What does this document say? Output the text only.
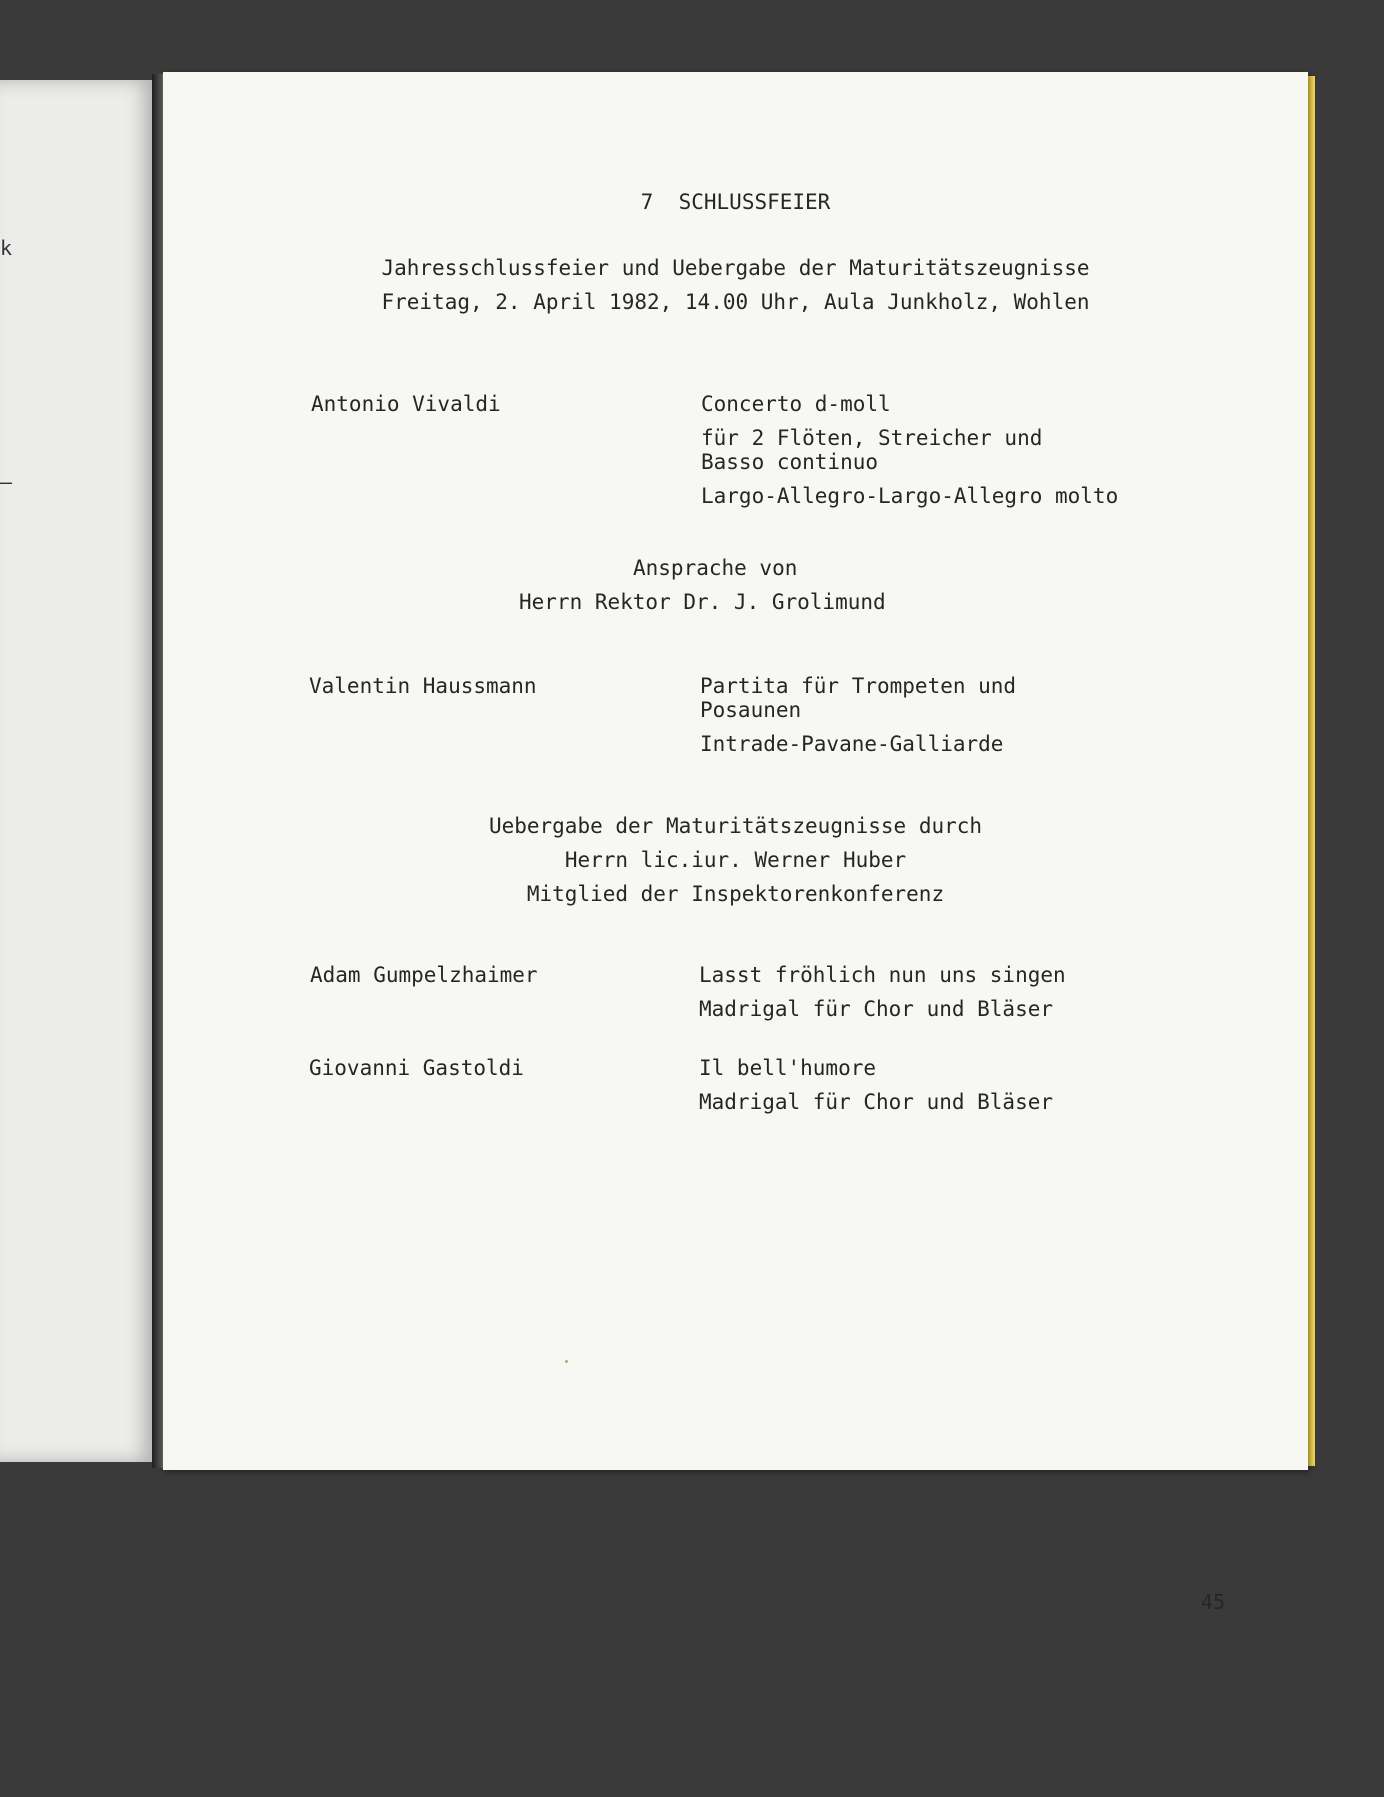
k
–
7  SCHLUSSFEIER
Jahresschlussfeier und Uebergabe der Maturitätszeugnisse
Freitag, 2. April 1982, 14.00 Uhr, Aula Junkholz, Wohlen
Antonio Vivaldi	Concerto d-moll
für 2 Flöten, Streicher und
Basso continuo
Largo-Allegro-Largo-Allegro molto
Ansprache von
Herrn Rektor Dr. J. Grolimund
Valentin Haussmann	Partita für Trompeten und
Posaunen
Intrade-Pavane-Galliarde
Uebergabe der Maturitätszeugnisse durch
Herrn lic.iur. Werner Huber
Mitglied der Inspektorenkonferenz
Adam Gumpelzhaimer	Lasst fröhlich nun uns singen
Madrigal für Chor und Bläser
Giovanni Gastoldi	Il bell'humore
Madrigal für Chor und Bläser
45
